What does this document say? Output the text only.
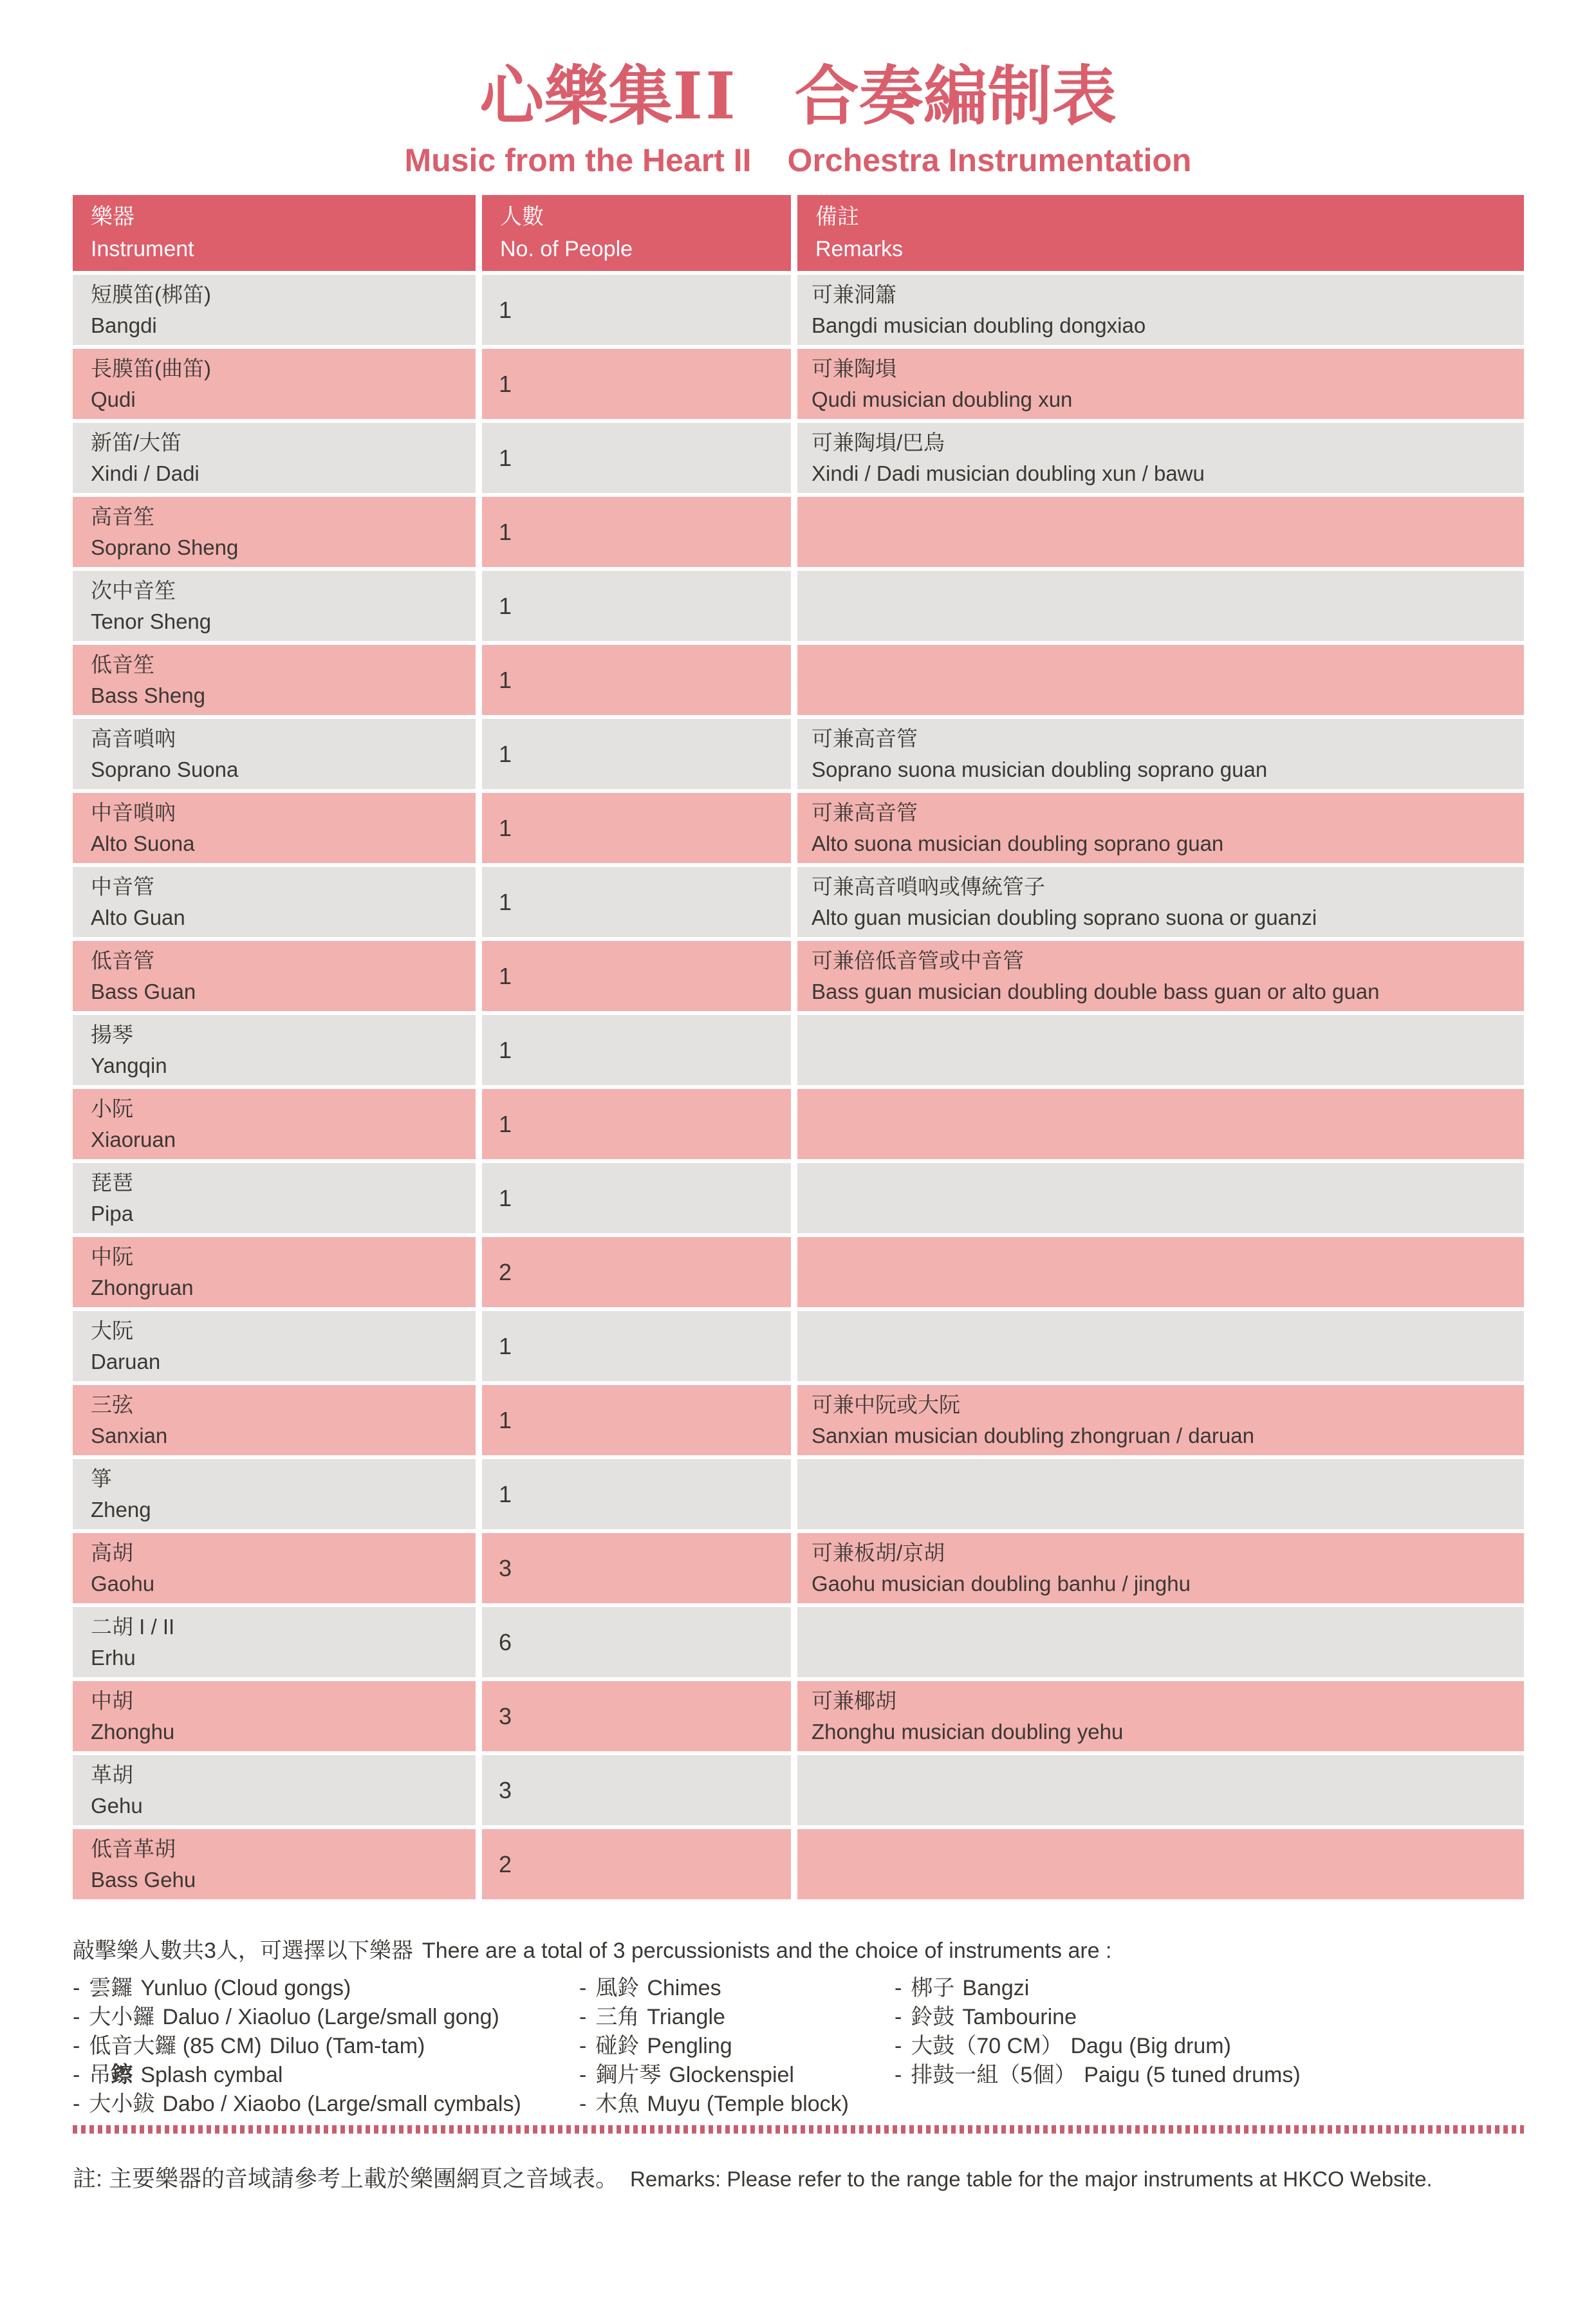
心樂集II 合奏編制表
Music from the Heart II Orchestra Instrumentation
樂器
Instrument
人數
No. of People
備註
Remarks
短膜笛(梆笛)
Bangdi
1
可兼洞簫
Bangdi musician doubling dongxiao
長膜笛(曲笛)
Qudi
1
可兼陶塤
Qudi musician doubling xun
新笛/大笛
Xindi / Dadi
1
可兼陶塤/巴烏
Xindi / Dadi musician doubling xun / bawu
高音笙
Soprano Sheng
1
次中音笙
Tenor Sheng
1
低音笙
Bass Sheng
1
高音嗩吶
Soprano Suona
1
可兼高音管
Soprano suona musician doubling soprano guan
中音嗩吶
Alto Suona
1
可兼高音管
Alto suona musician doubling soprano guan
中音管
Alto Guan
1
可兼高音嗩吶或傳統管子
Alto guan musician doubling soprano suona or guanzi
低音管
Bass Guan
1
可兼倍低音管或中音管
Bass guan musician doubling double bass guan or alto guan
揚琴
Yangqin
1
小阮
Xiaoruan
1
琵琶
Pipa
1
中阮
Zhongruan
2
大阮
Daruan
1
三弦
Sanxian
1
可兼中阮或大阮
Sanxian musician doubling zhongruan / daruan
箏
Zheng
1
高胡
Gaohu
3
可兼板胡/京胡
Gaohu musician doubling banhu / jinghu
二胡 I / II
Erhu
6
中胡
Zhonghu
3
可兼椰胡
Zhonghu musician doubling yehu
革胡
Gehu
3
低音革胡
Bass Gehu
2

敲擊樂人數共3人，可選擇以下樂器 There are a total of 3 percussionists and the choice of instruments are :

- 雲鑼 Yunluo (Cloud gongs)
- 大小鑼 Daluo / Xiaoluo (Large/small gong)
- 低音大鑼 (85 CM) Diluo (Tam-tam)
- 吊鑔 Splash cymbal
- 大小鈸 Dabo / Xiaobo (Large/small cymbals)
- 風鈴 Chimes
- 三角 Triangle
- 碰鈴 Pengling
- 鋼片琴 Glockenspiel
- 木魚 Muyu (Temple block)
- 梆子 Bangzi
- 鈴鼓 Tambourine
- 大鼓（70 CM） Dagu (Big drum)
- 排鼓一組（5個） Paigu (5 tuned drums)

註: 主要樂器的音域請參考上載於樂團網頁之音域表。 Remarks: Please refer to the range table for the major instruments at HKCO Website.
